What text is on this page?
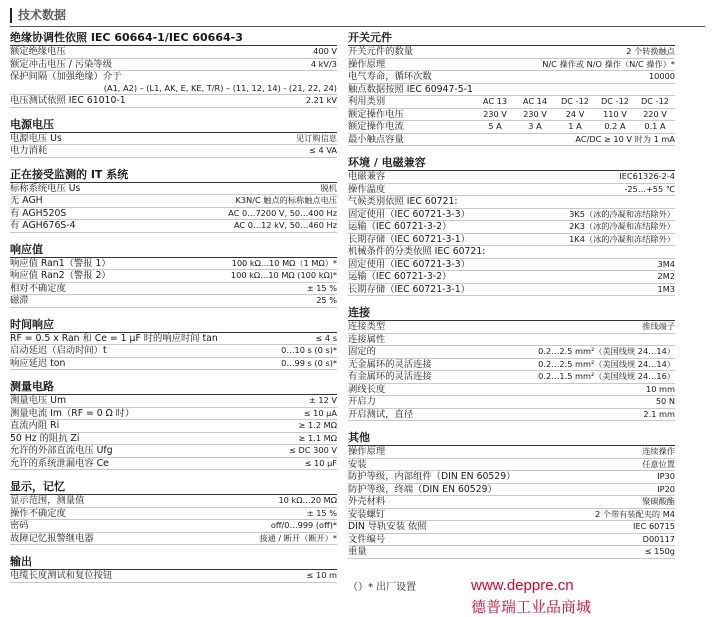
技术数据
绝缘协调性依照 IEC 60664-1/IEC 60664-3
额定绝缘电压	400 V
额定冲击电压 / 污染等级	4 kV/3
保护间隔（加强绝缘）介于
(A1, A2) – (L1, AK, E, KE, T/R) – (11, 12, 14) - (21, 22, 24)
电压测试依照 IEC 61010-1	2.21 kV
电源电压
电源电压 Us	见订购信息
电力消耗	≤ 4 VA
正在接受监测的 IT 系统
标称系统电压 Us	脱机
无 AGH	K3N/C 触点的标称触点电压
有 AGH520S	AC 0…7200 V, 50…400 Hz
有 AGH676S-4	AC 0…12 kV, 50…460 Hz
响应值
响应值 Ran1（警报 1）	100 kΩ…10 MΩ（1 MΩ）*
响应值 Ran2（警报 2）	100 kΩ…10 MΩ (100 kΩ)*
相对不确定度	± 15 %
磁滞	25 %
时间响应
RF = 0.5 x Ran 和 Ce = 1 μF 时的响应时间 tan	≤ 4 s
启动延迟（启动时间）t	0…10 s (0 s)*
响应延迟 ton	0…99 s (0 s)*
测量电路
测量电压 Um	± 12 V
测量电流 Im（RF = 0 Ω 时）	≤ 10 μA
直流内阻 Ri	≥ 1.2 MΩ
50 Hz 的阻抗 Zi	≥ 1.1 MΩ
允许的外部直流电压 Ufg	≤ DC 300 V
允许的系统泄漏电容 Ce	≤ 10 μF
显示，记忆
显示范围，测量值	10 kΩ…20 MΩ
操作不确定度	± 15 %
密码	off/0…999 (off)*
故障记忆报警继电器	接通 / 断开（断开）*
输出
电缆长度测试和复位按钮	≤ 10 m
开关元件
开关元件的数量	2 个转换触点
操作原理	N/C 操作或 N/O 操作（N/C 操作）*
电气寿命，循环次数	10000
触点数据按照 IEC 60947-5-1
利用类别	AC 13	AC 14	DC -12	DC -12	DC -12
额定操作电压	230 V	230 V	24 V	110 V	220 V
额定操作电流	5 A	3 A	1 A	0.2 A	0.1 A
最小触点容量	AC/DC ≥ 10 V 时为 1 mA
环境 / 电磁兼容
电磁兼容	IEC61326-2-4
操作温度	-25…+55 ℃
气候类别依照 IEC 60721:
固定使用（IEC 60721-3-3）	3K5（冰的冷凝和冻结除外）
运输（IEC 60721-3-2）	2K3（冰的冷凝和冻结除外）
长期存储（IEC 60721-3-1）	1K4（冰的冷凝和冻结除外）
机械条件的分类依照 IEC 60721:
固定使用（IEC 60721-3-3）	3M4
运输（IEC 60721-3-2）	2M2
长期存储（IEC 60721-3-1）	1M3
连接
连接类型	推线端子
连接属性
固定的	0.2…2.5 mm²（美国线规 24…14）
无金属环的灵活连接	0.2…2.5 mm²（美国线规 24…14）
有金属环的灵活连接	0.2…1.5 mm²（美国线规 24…16）
剥线长度	10 mm
开启力	50 N
开启测试，直径	2.1 mm
其他
操作原理	连续操作
安装	任意位置
防护等级，内部组件（DIN EN 60529）	IP30
防护等级，终端（DIN EN 60529）	IP20
外壳材料	聚碳酸酯
安装螺钉	2 个带有装配夹的 M4
DIN 导轨安装 依照	IEC 60715
文件编号	D00117
重量	≤ 150g
（）* 出厂设置	www.deppre.cn
德普瑞工业品商城
